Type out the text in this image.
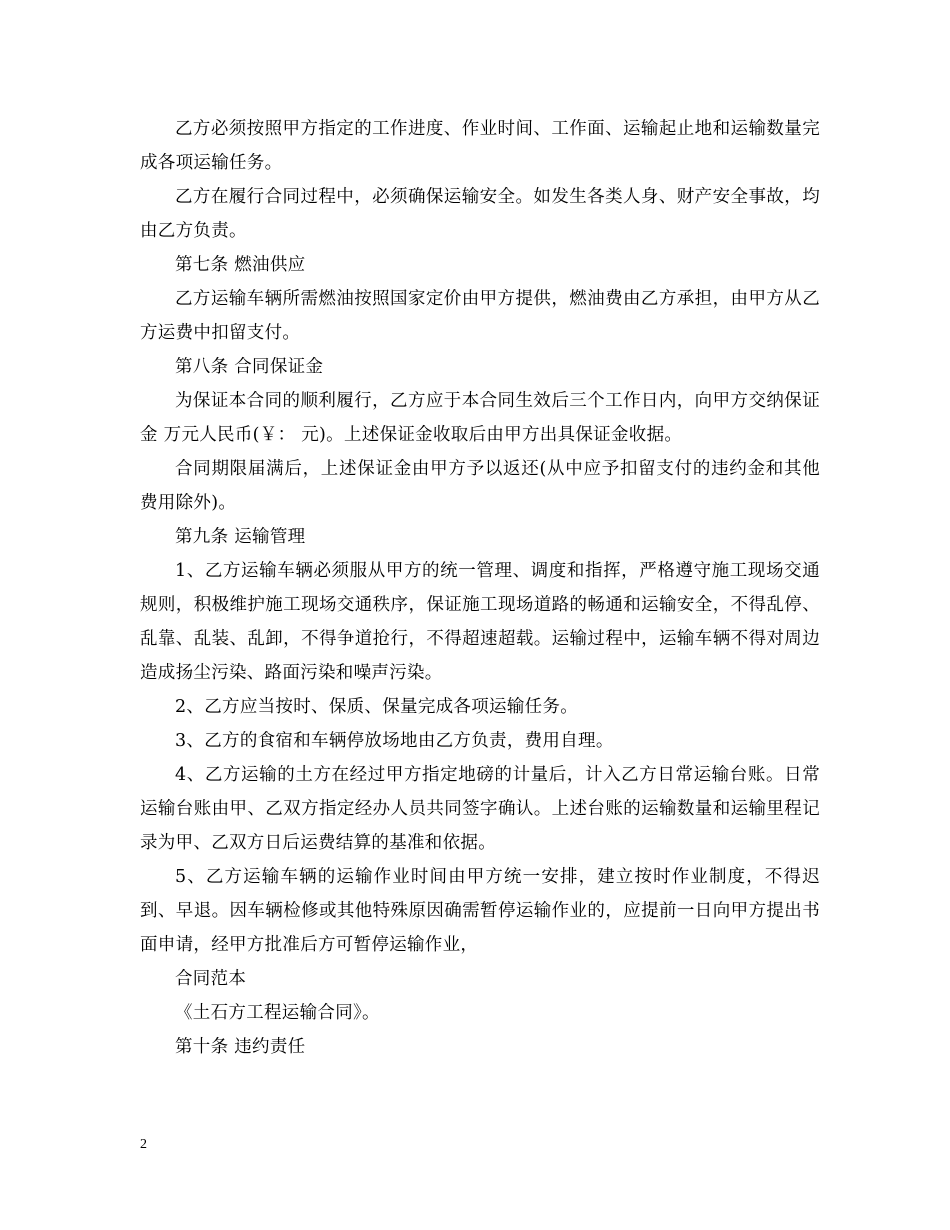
乙方必须按照甲方指定的工作进度、作业时间、工作面、运输起止地和运输数量完成各项运输任务。

乙方在履行合同过程中，必须确保运输安全。如发生各类人身、财产安全事故，均由乙方负责。

第七条 燃油供应

乙方运输车辆所需燃油按照国家定价由甲方提供，燃油费由乙方承担，由甲方从乙方运费中扣留支付。

第八条 合同保证金

为保证本合同的顺利履行，乙方应于本合同生效后三个工作日内，向甲方交纳保证金 万元人民币(￥： 元)。上述保证金收取后由甲方出具保证金收据。

合同期限届满后，上述保证金由甲方予以返还(从中应予扣留支付的违约金和其他费用除外)。

第九条 运输管理

1、乙方运输车辆必须服从甲方的统一管理、调度和指挥，严格遵守施工现场交通规则，积极维护施工现场交通秩序，保证施工现场道路的畅通和运输安全，不得乱停、乱靠、乱装、乱卸，不得争道抢行，不得超速超载。运输过程中，运输车辆不得对周边造成扬尘污染、路面污染和噪声污染。

2、乙方应当按时、保质、保量完成各项运输任务。

3、乙方的食宿和车辆停放场地由乙方负责，费用自理。

4、乙方运输的土方在经过甲方指定地磅的计量后，计入乙方日常运输台账。日常运输台账由甲、乙双方指定经办人员共同签字确认。上述台账的运输数量和运输里程记录为甲、乙双方日后运费结算的基准和依据。

5、乙方运输车辆的运输作业时间由甲方统一安排，建立按时作业制度，不得迟到、早退。因车辆检修或其他特殊原因确需暂停运输作业的，应提前一日向甲方提出书面申请，经甲方批准后方可暂停运输作业，

合同范本

《土石方工程运输合同》。

第十条 违约责任

2
